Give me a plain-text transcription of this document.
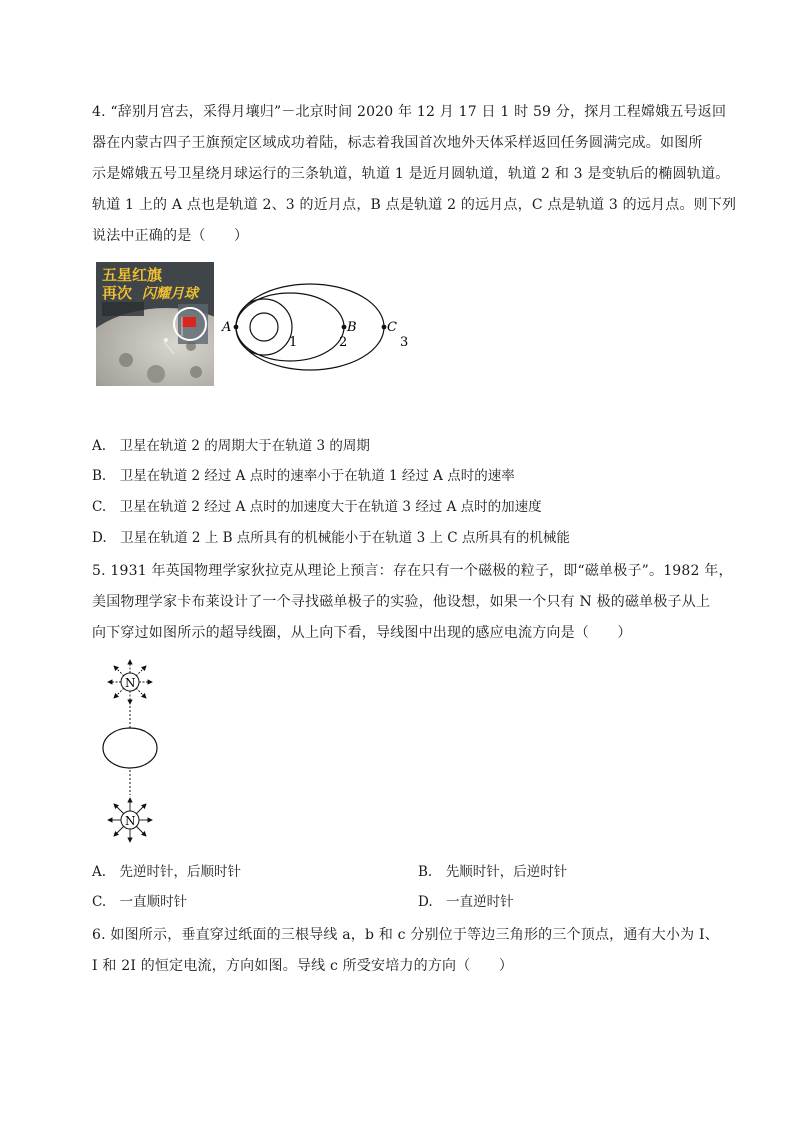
4. “辞别月宫去，采得月壤归”－北京时间 2020 年 12 月 17 日 1 时 59 分，探月工程嫦娥五号返回
器在内蒙古四子王旗预定区域成功着陆，标志着我国首次地外天体采样返回任务圆满完成。如图所
示是嫦娥五号卫星绕月球运行的三条轨道，轨道 1 是近月圆轨道，轨道 2 和 3 是变轨后的椭圆轨道。
轨道 1 上的 A 点也是轨道 2、3 的近月点，B 点是轨道 2 的远月点，C 点是轨道 3 的远月点。则下列
说法中正确的是（　　）
五星红旗
再次 闪耀月球
A	B C
1	2	3
A.　卫星在轨道 2 的周期大于在轨道 3 的周期
B.　卫星在轨道 2 经过 A 点时的速率小于在轨道 1 经过 A 点时的速率
C.　卫星在轨道 2 经过 A 点时的加速度大于在轨道 3 经过 A 点时的加速度
D.　卫星在轨道 2 上 B 点所具有的机械能小于在轨道 3 上 C 点所具有的机械能
5. 1931 年英国物理学家狄拉克从理论上预言：存在只有一个磁极的粒子，即“磁单极子”。1982 年，
美国物理学家卡布莱设计了一个寻找磁单极子的实验，他设想，如果一个只有 N 极的磁单极子从上
向下穿过如图所示的超导线圈，从上向下看，导线图中出现的感应电流方向是（　　）
N
N
A.　先逆时针，后顺时针	B.　先顺时针，后逆时针
C.　一直顺时针	D.　一直逆时针
6. 如图所示，垂直穿过纸面的三根导线 a，b 和 c 分别位于等边三角形的三个顶点，通有大小为 I、
I 和 2I 的恒定电流，方向如图。导线 c 所受安培力的方向（　　）
